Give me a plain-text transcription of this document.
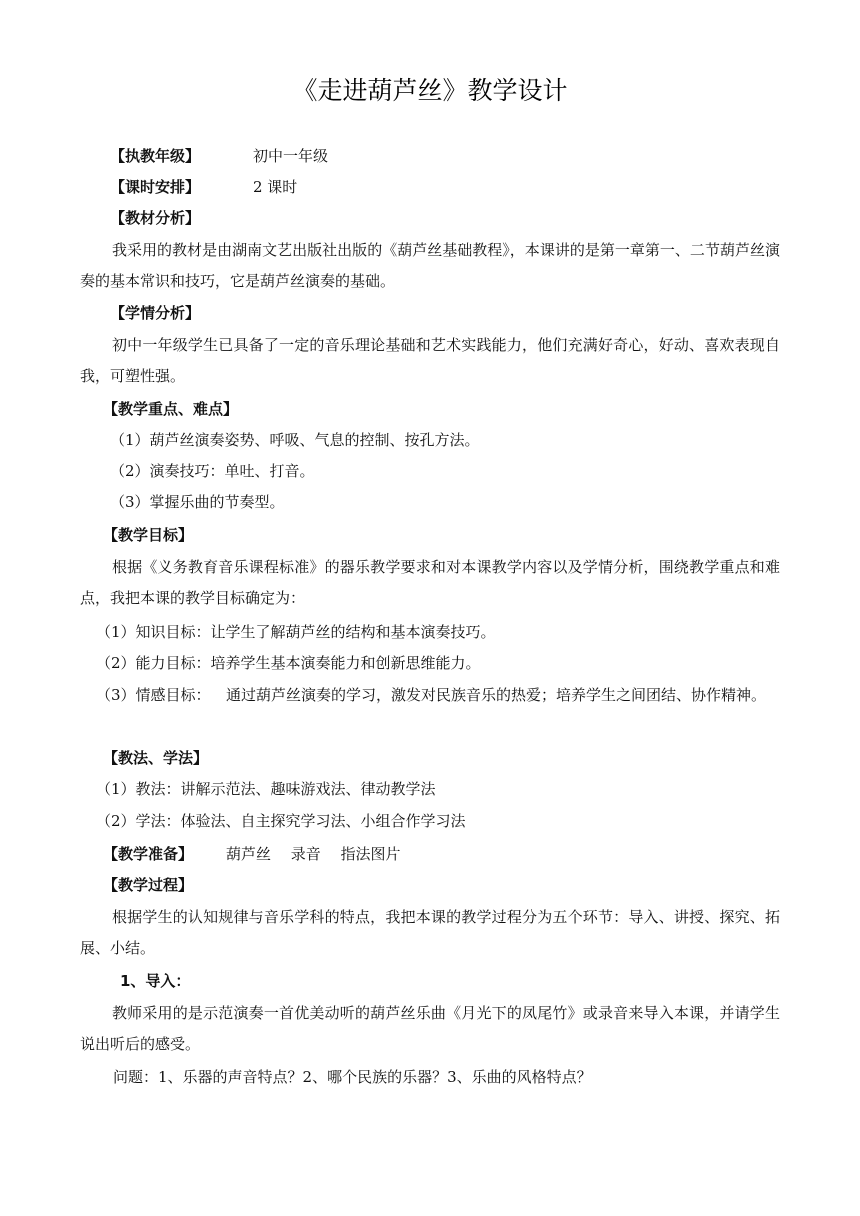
《走进葫芦丝》教学设计
【执教年级】	初中一年级
【课时安排】	2 课时
【教材分析】
我采用的教材是由湖南文艺出版社出版的《葫芦丝基础教程》，本课讲的是第一章第一、二节葫芦丝演奏的基本常识和技巧，它是葫芦丝演奏的基础。
【学情分析】
初中一年级学生已具备了一定的音乐理论基础和艺术实践能力，他们充满好奇心，好动、喜欢表现自我，可塑性强。
【教学重点、难点】
（1）葫芦丝演奏姿势、呼吸、气息的控制、按孔方法。
（2）演奏技巧：单吐、打音。
（3）掌握乐曲的节奏型。
【教学目标】
根据《义务教育音乐课程标准》的器乐教学要求和对本课教学内容以及学情分析，围绕教学重点和难点，我把本课的教学目标确定为：
（1）知识目标：让学生了解葫芦丝的结构和基本演奏技巧。
（2）能力目标：培养学生基本演奏能力和创新思维能力。
（3）情感目标： 通过葫芦丝演奏的学习，激发对民族音乐的热爱；培养学生之间团结、协作精神。
【教法、学法】
（1）教法：讲解示范法、趣味游戏法、律动教学法
（2）学法：体验法、自主探究学习法、小组合作学习法
【教学准备】 葫芦丝　 录音　 指法图片
【教学过程】
根据学生的认知规律与音乐学科的特点，我把本课的教学过程分为五个环节：导入、讲授、探究、拓展、小结。
1、导入：
教师采用的是示范演奏一首优美动听的葫芦丝乐曲《月光下的凤尾竹》或录音来导入本课，并请学生说出听后的感受。
问题：1、乐器的声音特点？2、哪个民族的乐器？3、乐曲的风格特点？
